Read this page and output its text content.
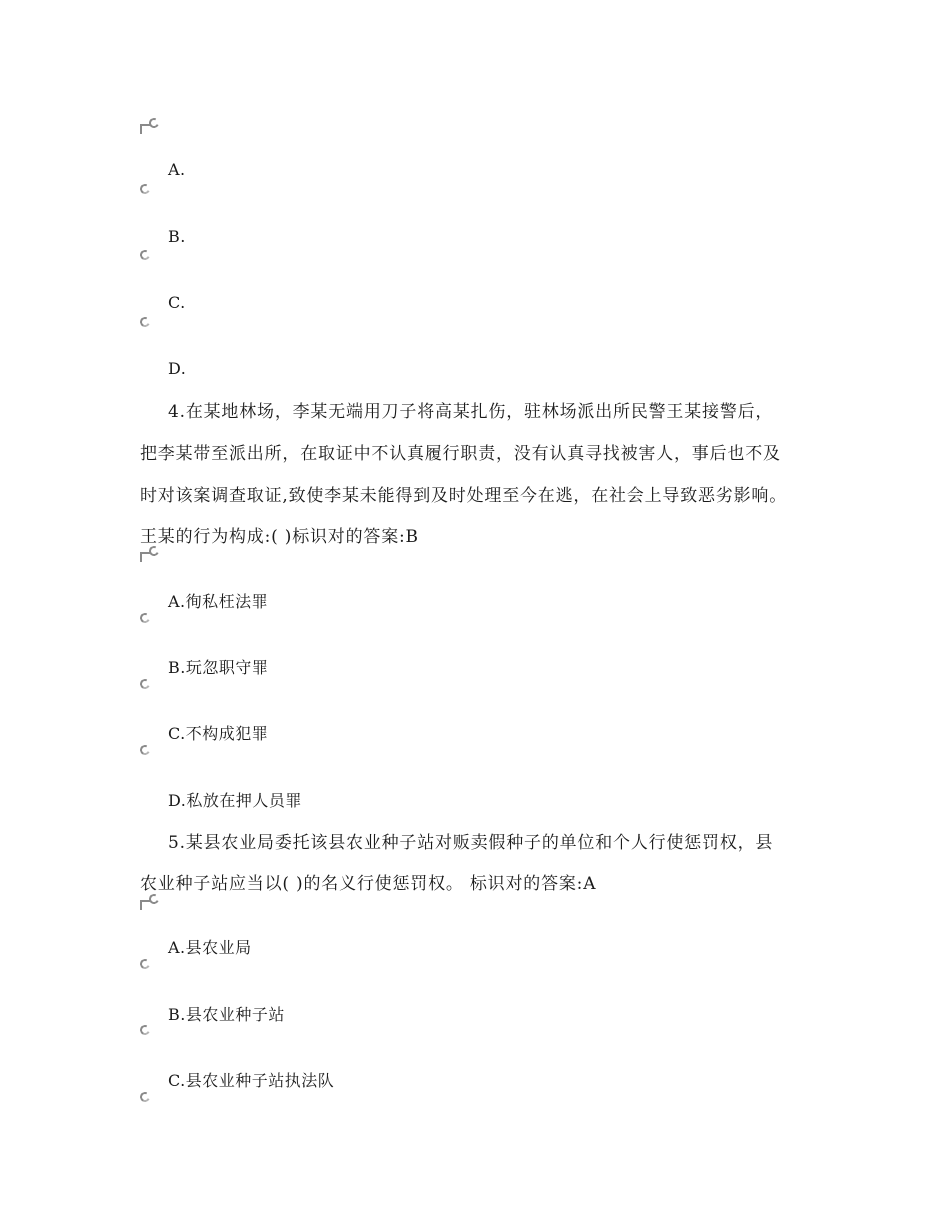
A.
B.
C.
D.
4.在某地林场，李某无端用刀子将高某扎伤，驻林场派出所民警王某接警后，
把李某带至派出所，在取证中不认真履行职责，没有认真寻找被害人，事后也不及
时对该案调查取证,致使李某未能得到及时处理至今在逃，在社会上导致恶劣影响。
王某的行为构成:( )标识对的答案:B
A.徇私枉法罪
B.玩忽职守罪
C.不构成犯罪
D.私放在押人员罪
5.某县农业局委托该县农业种子站对贩卖假种子的单位和个人行使惩罚权，县
农业种子站应当以( )的名义行使惩罚权。 标识对的答案:A
A.县农业局
B.县农业种子站
C.县农业种子站执法队
